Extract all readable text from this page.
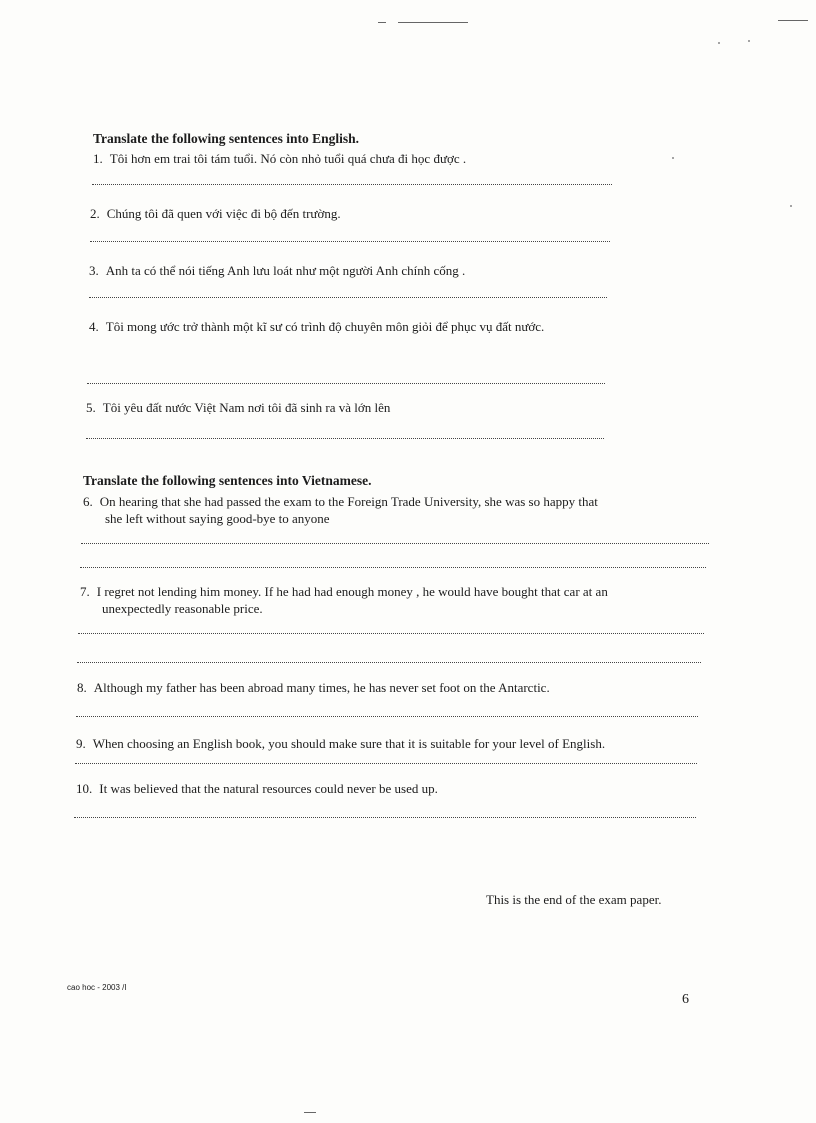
Translate the following sentences into English.
1. Tôi hơn em trai tôi tám tuổi. Nó còn nhỏ tuổi quá chưa đi học được .
2. Chúng tôi đã quen với việc đi bộ đến trường.
3. Anh ta có thể nói tiếng Anh lưu loát như một người Anh chính cống .
4. Tôi mong ước trở thành một kĩ sư có trình độ chuyên môn giỏi để phục vụ đất nước.
5. Tôi yêu đất nước Việt Nam nơi tôi đã sinh ra và lớn lên
Translate the following sentences into Vietnamese.
6. On hearing that she had passed the exam to the Foreign Trade University, she was so happy that
she left without saying good-bye to anyone
7. I regret not lending him money. If he had had enough money , he would have bought that car at an
unexpectedly reasonable price.
8. Although my father has been abroad many times, he has never set foot on the Antarctic.
9. When choosing an English book, you should make sure that it is suitable for your level of English.
10. It was believed that the natural resources could never be used up.
This is the end of the exam paper.
cao hoc - 2003 /I
6
